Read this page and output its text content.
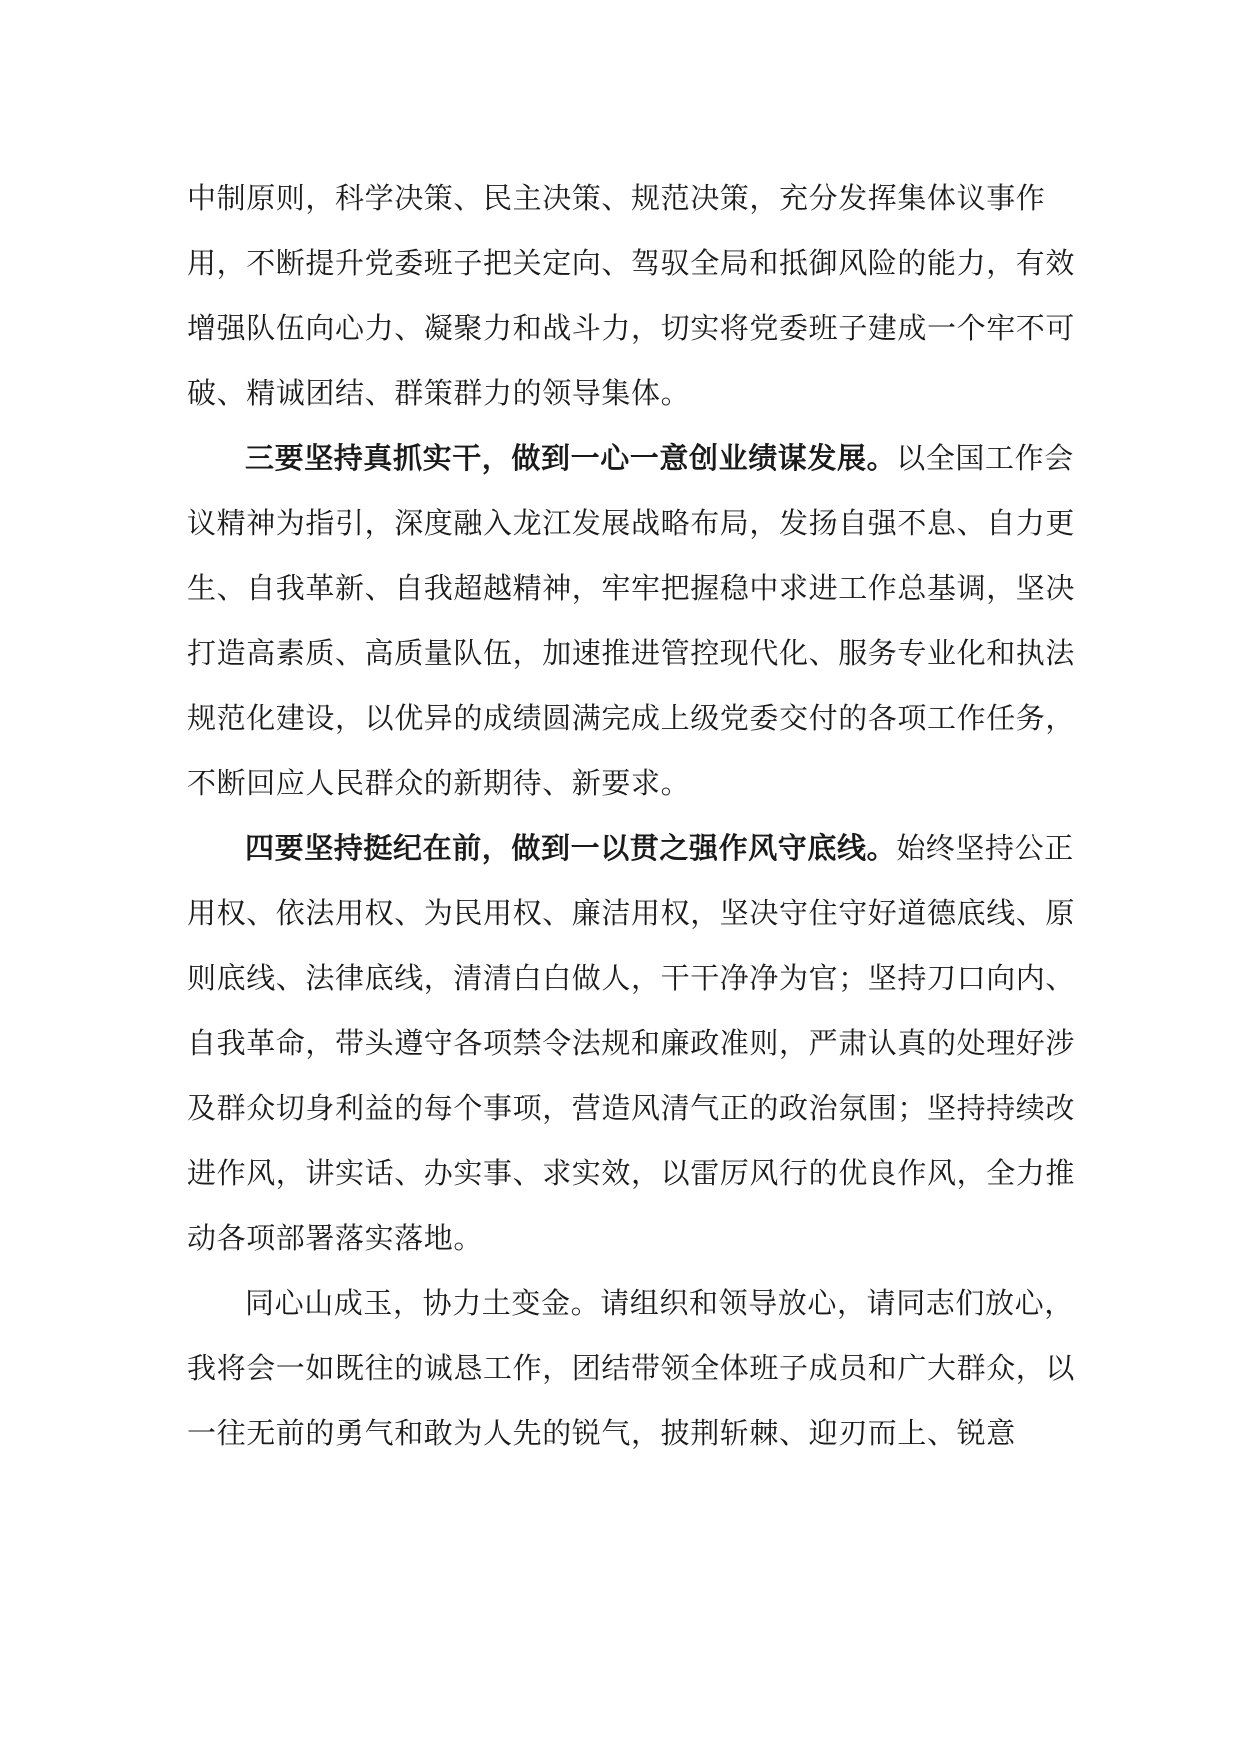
中制原则，科学决策、民主决策、规范决策，充分发挥集体议事作用，不断提升党委班子把关定向、驾驭全局和抵御风险的能力，有效增强队伍向心力、凝聚力和战斗力，切实将党委班子建成一个牢不可破、精诚团结、群策群力的领导集体。

三要坚持真抓实干，做到一心一意创业绩谋发展。以全国工作会议精神为指引，深度融入龙江发展战略布局，发扬自强不息、自力更生、自我革新、自我超越精神，牢牢把握稳中求进工作总基调，坚决打造高素质、高质量队伍，加速推进管控现代化、服务专业化和执法规范化建设，以优异的成绩圆满完成上级党委交付的各项工作任务，不断回应人民群众的新期待、新要求。

四要坚持挺纪在前，做到一以贯之强作风守底线。始终坚持公正用权、依法用权、为民用权、廉洁用权，坚决守住守好道德底线、原则底线、法律底线，清清白白做人，干干净净为官；坚持刀口向内、自我革命，带头遵守各项禁令法规和廉政准则，严肃认真的处理好涉及群众切身利益的每个事项，营造风清气正的政治氛围；坚持持续改进作风，讲实话、办实事、求实效，以雷厉风行的优良作风，全力推动各项部署落实落地。

同心山成玉，协力土变金。请组织和领导放心，请同志们放心，我将会一如既往的诚恳工作，团结带领全体班子成员和广大群众，以一往无前的勇气和敢为人先的锐气，披荆斩棘、迎刃而上、锐意
